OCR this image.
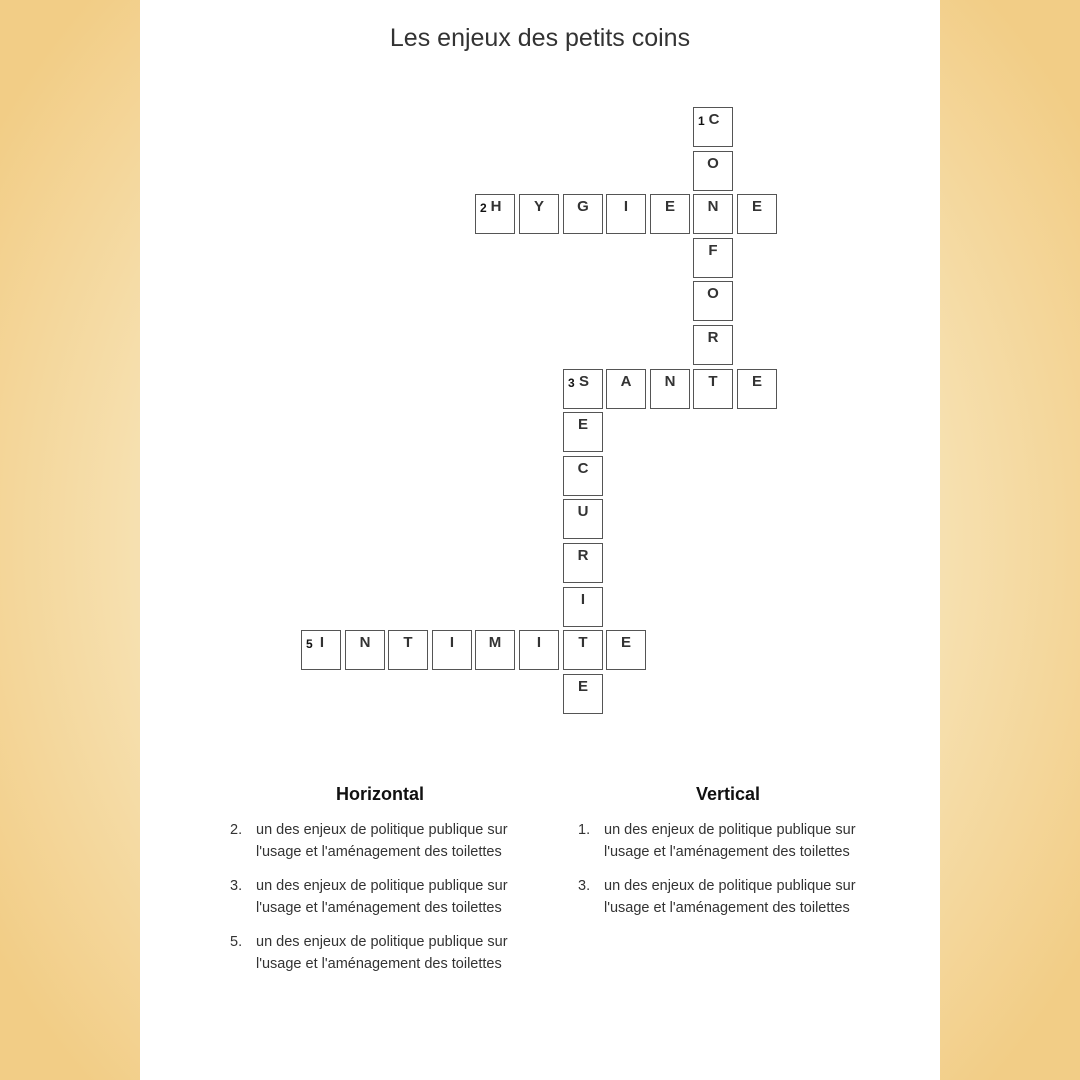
Les enjeux des petits coins
1 C
O
2 H	Y	G	I	E	N	E
F
O
R
3 S	A	N	T	E
E
C
U
R
I
5 I	N	T	I	M	I	T	E
E
Horizontal
2. un des enjeux de politique publique sur l'usage et l'aménagement des toilettes
3. un des enjeux de politique publique sur l'usage et l'aménagement des toilettes
5. un des enjeux de politique publique sur l'usage et l'aménagement des toilettes
Vertical
1. un des enjeux de politique publique sur l'usage et l'aménagement des toilettes
3. un des enjeux de politique publique sur l'usage et l'aménagement des toilettes
